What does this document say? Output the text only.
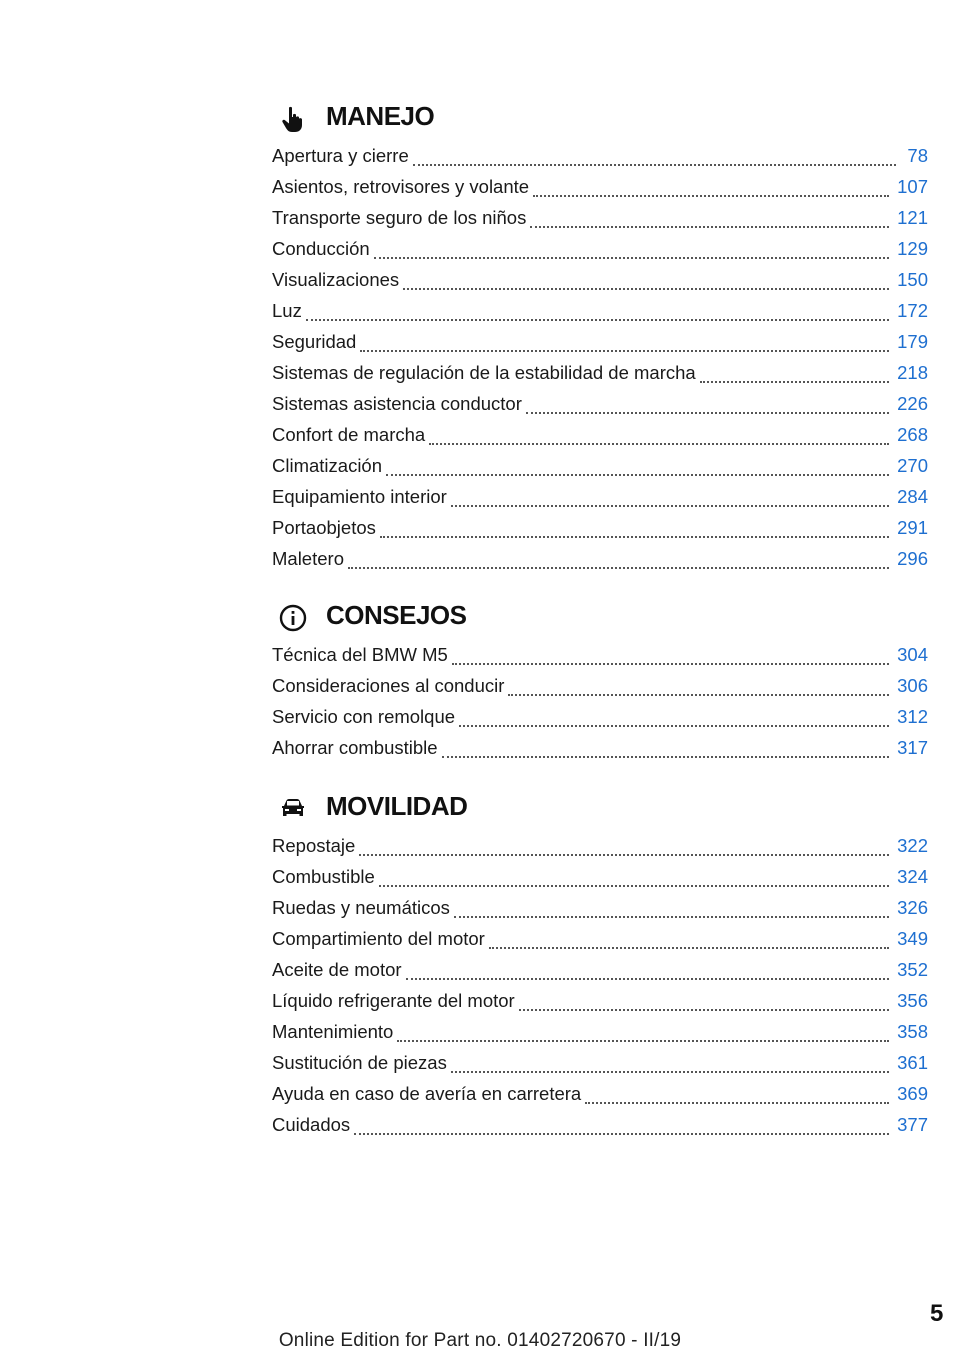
MANEJO
Apertura y cierre	78
Asientos, retrovisores y volante	107
Transporte seguro de los niños	121
Conducción	129
Visualizaciones	150
Luz	172
Seguridad	179
Sistemas de regulación de la estabilidad de marcha	218
Sistemas asistencia conductor	226
Confort de marcha	268
Climatización	270
Equipamiento interior	284
Portaobjetos	291
Maletero	296
CONSEJOS
Técnica del BMW M5	304
Consideraciones al conducir	306
Servicio con remolque	312
Ahorrar combustible	317
MOVILIDAD
Repostaje	322
Combustible	324
Ruedas y neumáticos	326
Compartimiento del motor	349
Aceite de motor	352
Líquido refrigerante del motor	356
Mantenimiento	358
Sustitución de piezas	361
Ayuda en caso de avería en carretera	369
Cuidados	377
5
Online Edition for Part no. 01402720670 - II/19
